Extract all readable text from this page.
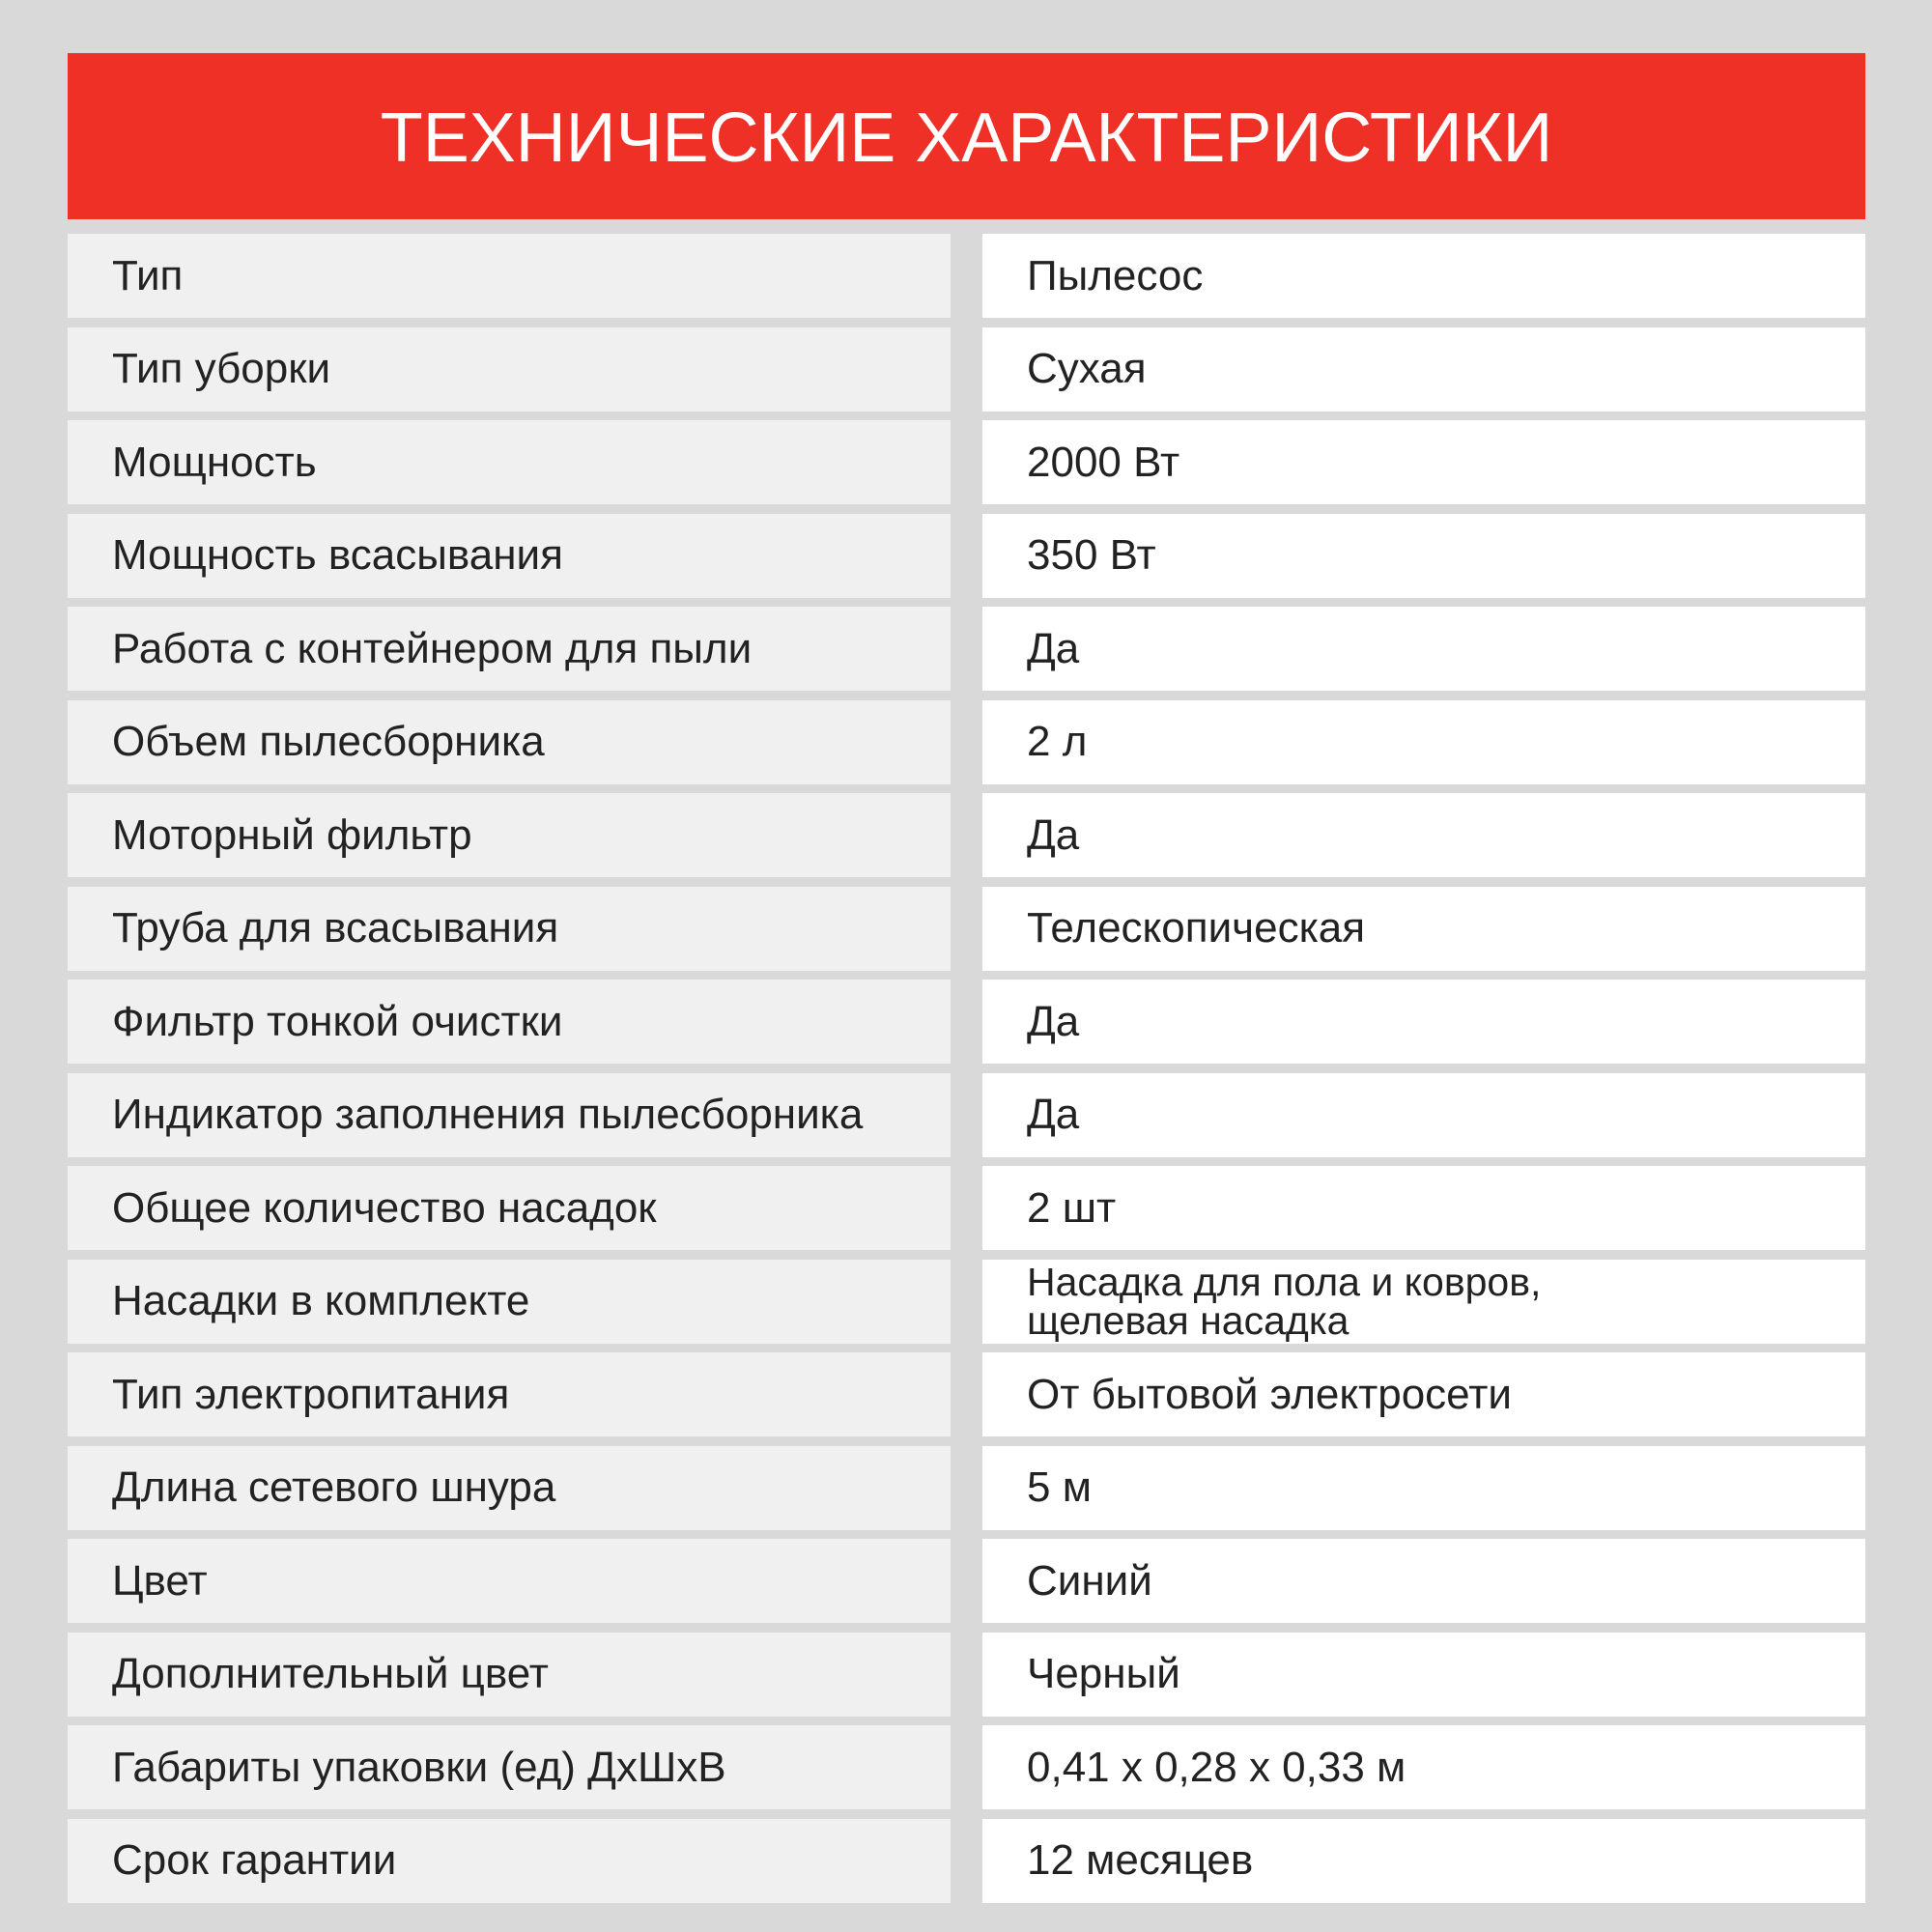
ТЕХНИЧЕСКИЕ ХАРАКТЕРИСТИКИ
Тип	Пылесос
Тип уборки	Сухая
Мощность	2000 Вт
Мощность всасывания	350 Вт
Работа с контейнером для пыли	Да
Объем пылесборника	2 л
Моторный фильтр	Да
Труба для всасывания	Телескопическая
Фильтр тонкой очистки	Да
Индикатор заполнения пылесборника	Да
Общее количество насадок	2 шт
Насадки в комплекте	Насадка для пола и ковров,
щелевая насадка
Тип электропитания	От бытовой электросети
Длина сетевого шнура	5 м
Цвет	Синий
Дополнительный цвет	Черный
Габариты упаковки (ед) ДхШхВ	0,41 х 0,28 х 0,33 м
Срок гарантии	12 месяцев
